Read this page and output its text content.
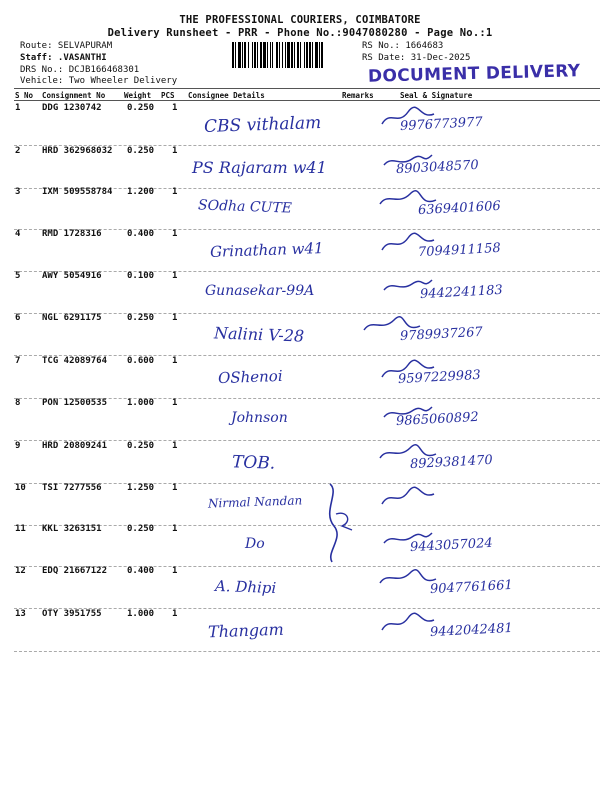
THE PROFESSIONAL COURIERS, COIMBATORE
Delivery Runsheet - PRR - Phone No.:9047080280 - Page No.:1
Route: SELVAPURAM
Staff: .VASANTHI
DRS No.: DCJB166468301
Vehicle: Two Wheeler Delivery
RS No.: 1664683
RS Date: 31-Dec-2025
DOCUMENT DELIVERY
S No Consignment No	Weight PCS Consignee Details	Remarks	Seal & Signature
1 DDG 1230742	0.250 1
CBS vithalam	9976773977
2 HRD 362968032 0.250 1
PS Rajaram w41	8903048570
3 IXM 509558784 1.200 1
SOdha CUTE	6369401606
4 RMD 1728316	0.400 1
Grinathan w41	7094911158
5 AWY 5054916	0.100 1
Gunasekar-99A	9442241183
6 NGL 6291175	0.250 1
Nalini V-28	9789937267
7 TCG 42089764 0.600 1
OShenoi	9597229983
8 PON 12500535 1.000 1
Johnson	9865060892
9 HRD 20809241 0.250 1
TOB.	8929381470
10 TSI 7277556	1.250 1
Nirmal Nandan
11 KKL 3263151	0.250 1
Do	9443057024
12 EDQ 21667122 0.400 1
A. Dhipi	9047761661
13 OTY 3951755	1.000 1
Thangam	9442042481
